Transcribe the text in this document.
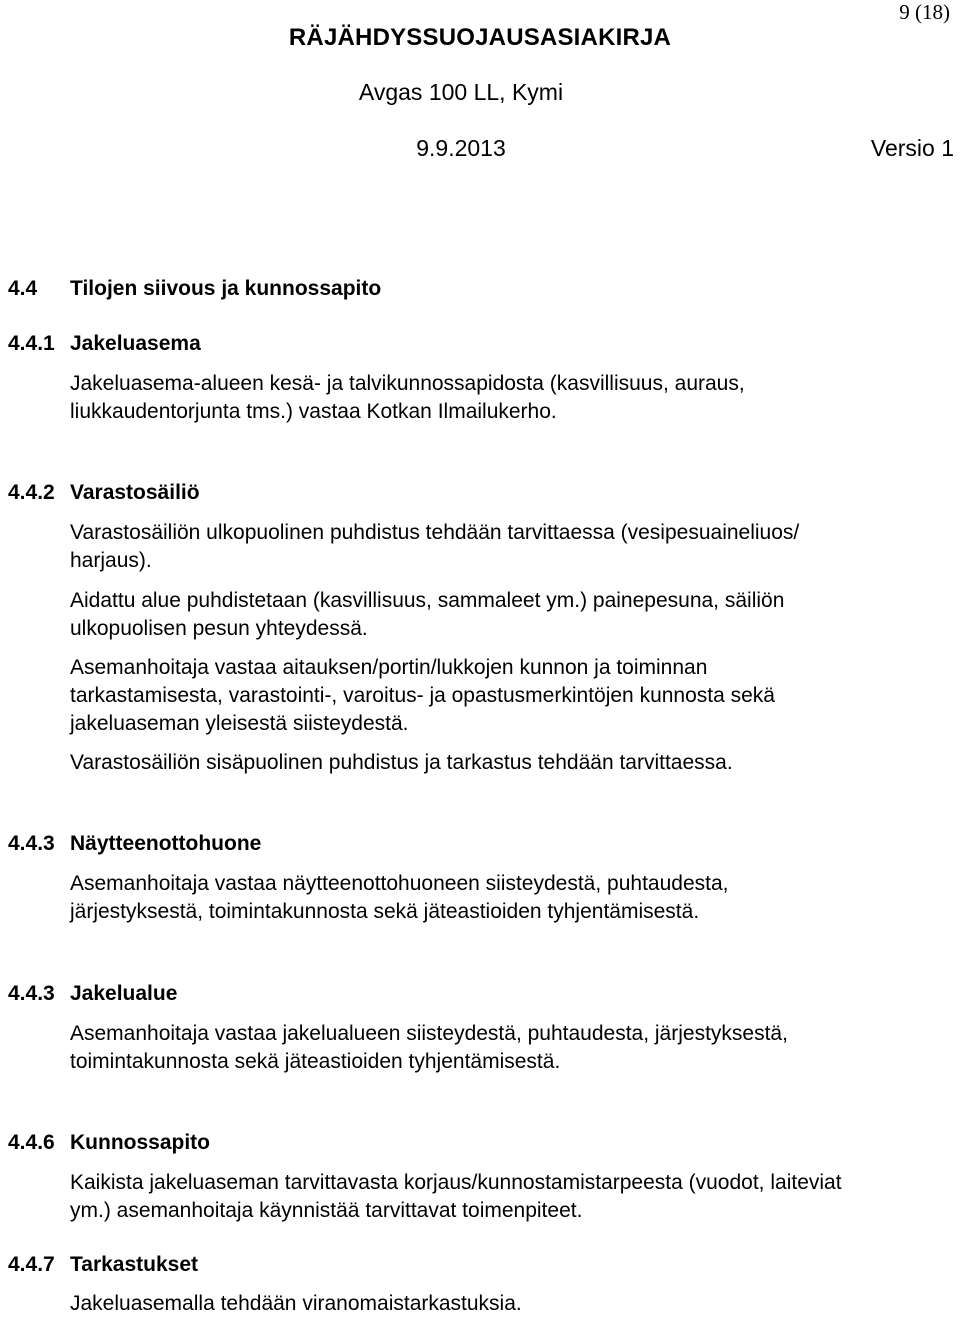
9 (18)
RÄJÄHDYSSUOJAUSASIAKIRJA
Avgas 100 LL, Kymi
9.9.2013	Versio 1
4.4 Tilojen siivous ja kunnossapito
4.4.1 Jakeluasema
Jakeluasema-alueen kesä- ja talvikunnossapidosta (kasvillisuus, auraus,
liukkaudentorjunta tms.) vastaa Kotkan Ilmailukerho.
4.4.2 Varastosäiliö
Varastosäiliön ulkopuolinen puhdistus tehdään tarvittaessa (vesipesuaineliuos/
harjaus).
Aidattu alue puhdistetaan (kasvillisuus, sammaleet ym.) painepesuna, säiliön
ulkopuolisen pesun yhteydessä.
Asemanhoitaja vastaa aitauksen/portin/lukkojen kunnon ja toiminnan
tarkastamisesta, varastointi-, varoitus- ja opastusmerkintöjen kunnosta sekä
jakeluaseman yleisestä siisteydestä.
Varastosäiliön sisäpuolinen puhdistus ja tarkastus tehdään tarvittaessa.
4.4.3 Näytteenottohuone
Asemanhoitaja vastaa näytteenottohuoneen siisteydestä, puhtaudesta,
järjestyksestä, toimintakunnosta sekä jäteastioiden tyhjentämisestä.
4.4.3 Jakelualue
Asemanhoitaja vastaa jakelualueen siisteydestä, puhtaudesta, järjestyksestä,
toimintakunnosta sekä jäteastioiden tyhjentämisestä.
4.4.6 Kunnossapito
Kaikista jakeluaseman tarvittavasta korjaus/kunnostamistarpeesta (vuodot, laiteviat
ym.) asemanhoitaja käynnistää tarvittavat toimenpiteet.
4.4.7 Tarkastukset
Jakeluasemalla tehdään viranomaistarkastuksia.
